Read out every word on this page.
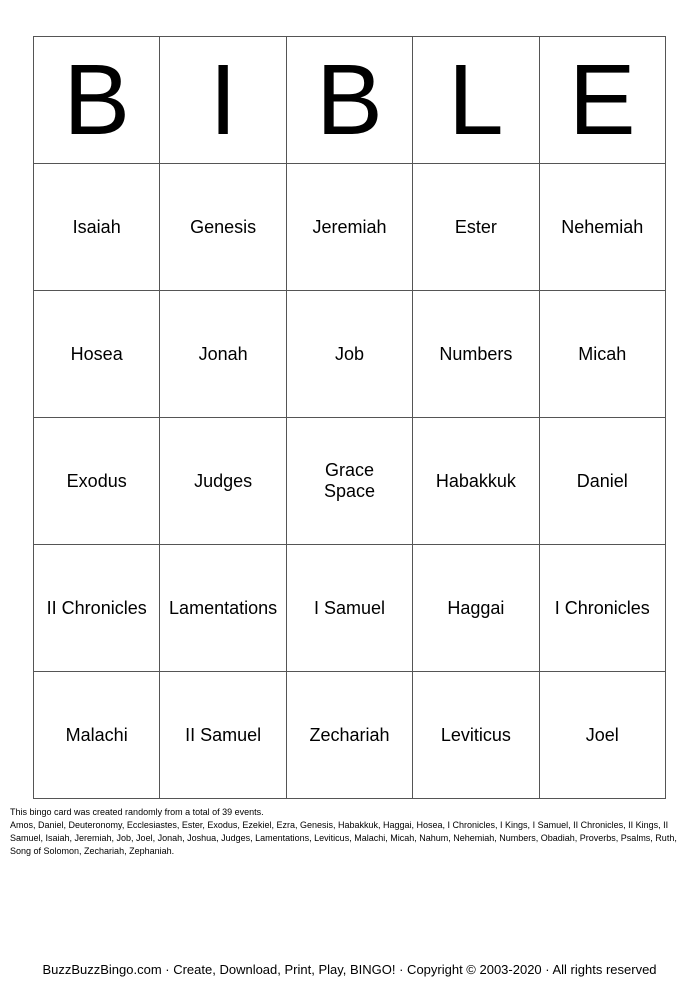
B	I	B	L	E
Isaiah	Genesis	Jeremiah	Ester	Nehemiah
Hosea	Jonah	Job	Numbers	Micah
Exodus	Judges	Grace Space	Habakkuk	Daniel
II Chronicles	Lamentations	I Samuel	Haggai	I Chronicles
Malachi	II Samuel	Zechariah	Leviticus	Joel

This bingo card was created randomly from a total of 39 events.

Amos, Daniel, Deuteronomy, Ecclesiastes, Ester, Exodus, Ezekiel, Ezra, Genesis, Habakkuk, Haggai, Hosea, I Chronicles, I Kings, I Samuel, II Chronicles, II Kings, II Samuel, Isaiah, Jeremiah, Job, Joel, Jonah, Joshua, Judges, Lamentations, Leviticus, Malachi, Micah, Nahum, Nehemiah, Numbers, Obadiah, Proverbs, Psalms, Ruth, Song of Solomon, Zechariah, Zephaniah.

BuzzBuzzBingo.com · Create, Download, Print, Play, BINGO! · Copyright © 2003-2020 · All rights reserved
